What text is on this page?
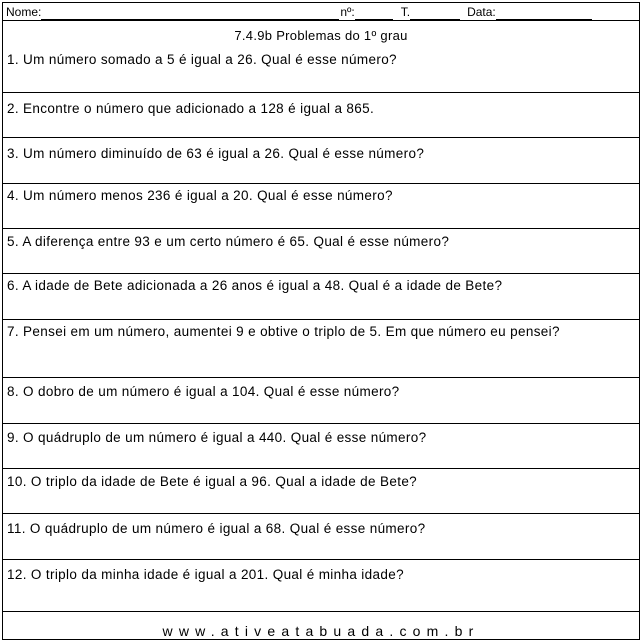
Nome:	nº:	T.	Data:
7.4.9b Problemas do 1º grau
1. Um número somado a 5 é igual a 26. Qual é esse número?
2. Encontre o número que adicionado a 128 é igual a 865.
3. Um número diminuído de 63 é igual a 26. Qual é esse número?
4. Um número menos 236 é igual a 20. Qual é esse número?
5. A diferença entre 93 e um certo número é 65. Qual é esse número?
6. A idade de Bete adicionada a 26 anos é igual a 48. Qual é a idade de Bete?
7. Pensei em um número, aumentei 9 e obtive o triplo de 5. Em que número eu pensei?
8. O dobro de um número é igual a 104. Qual é esse número?
9. O quádruplo de um número é igual a 440. Qual é esse número?
10. O triplo da idade de Bete é igual a 96. Qual a idade de Bete?
11. O quádruplo de um número é igual a 68. Qual é esse número?
12. O triplo da minha idade é igual a 201. Qual é minha idade?
www.ativeatabuada.com.br
